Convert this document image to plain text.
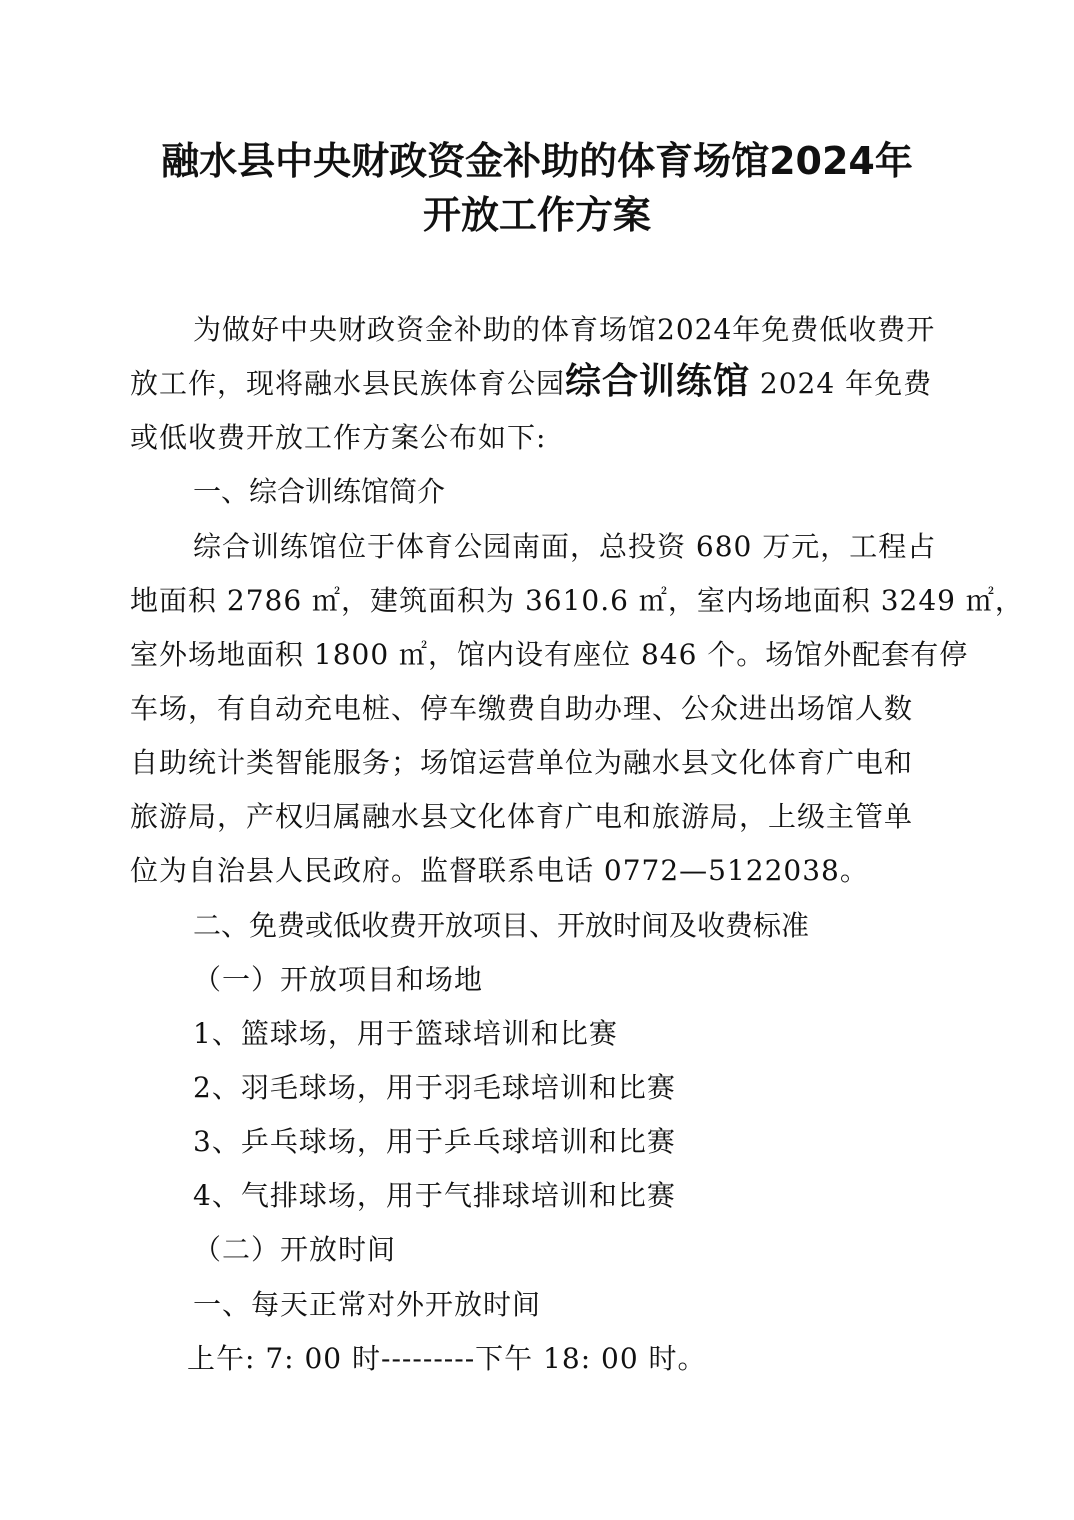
融水县中央财政资金补助的体育场馆2024年
开放工作方案
为做好中央财政资金补助的体育场馆2024年免费低收费开
放工作，现将融水县民族体育公园综合训练馆 2024 年免费
或低收费开放工作方案公布如下:
一、综合训练馆简介
综合训练馆位于体育公园南面，总投资 680 万元，工程占
地面积 2786 ㎡，建筑面积为 3610.6 ㎡，室内场地面积 3249 ㎡，
室外场地面积 1800 ㎡，馆内设有座位 846 个。场馆外配套有停
车场，有自动充电桩、停车缴费自助办理、公众进出场馆人数
自助统计类智能服务；场馆运营单位为融水县文化体育广电和
旅游局，产权归属融水县文化体育广电和旅游局，上级主管单
位为自治县人民政府。监督联系电话 0772—5122038。
二、免费或低收费开放项目、开放时间及收费标准
（一）开放项目和场地
1、篮球场，用于篮球培训和比赛
2、羽毛球场，用于羽毛球培训和比赛
3、乒乓球场，用于乒乓球培训和比赛
4、气排球场，用于气排球培训和比赛
（二）开放时间
一、每天正常对外开放时间
上午: 7: 00 时---------下午 18: 00 时。
